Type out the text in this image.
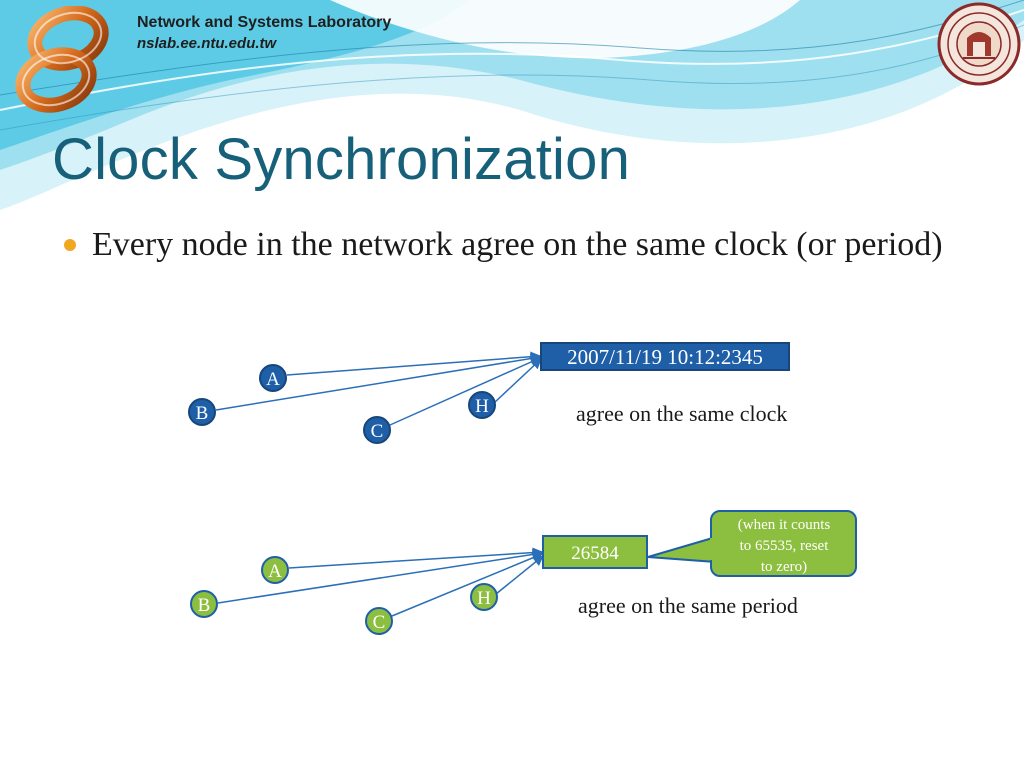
Network and Systems Laboratory
nslab.ee.ntu.edu.tw
Clock Synchronization
Every node in the network agree on the same clock (or period)
2007/11/19 10:12:2345
A
B
C
H	agree on the same clock
26584
(when it counts
to 65535, reset
to zero)
A
B
C
H	agree on the same period
